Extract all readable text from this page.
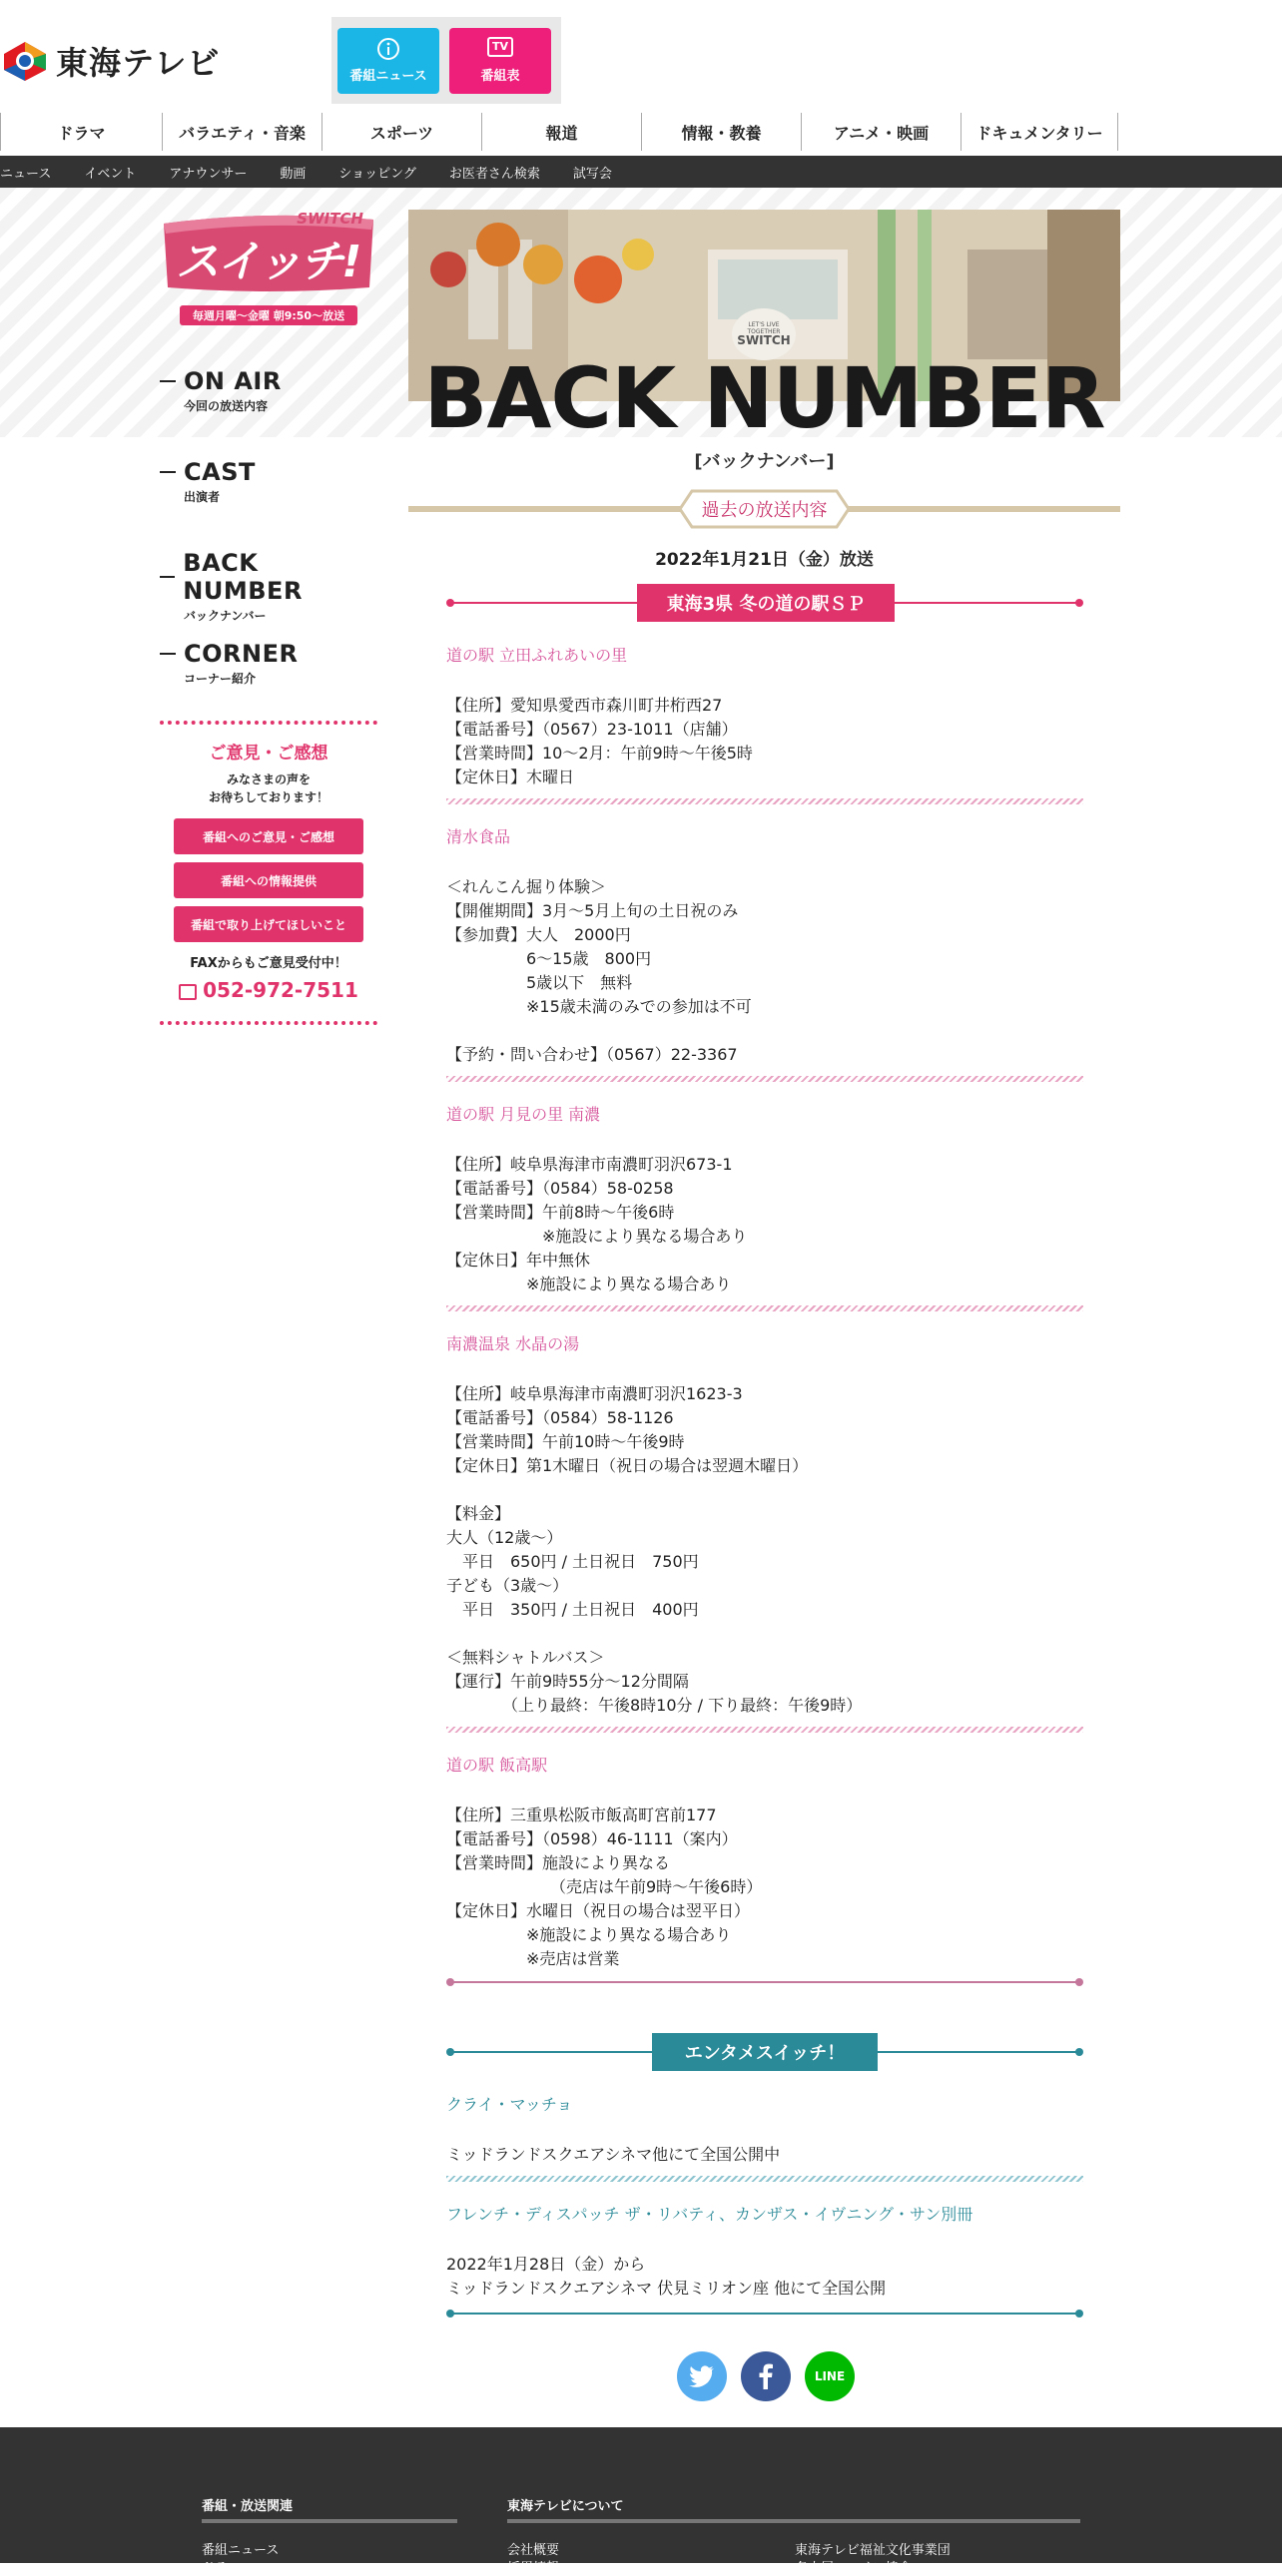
東海テレビ	番組ニュース
TV
番組表
ドラマ	バラエティ・音楽	スポーツ	報道	情報・教養	アニメ・映画	ドキュメンタリー
ニュース	イベント	アナウンサー	動画	ショッピング	お医者さん検索	試写会
SWITCH
スイッチ!
毎週月曜〜金曜 朝9:50〜放送
ON AIR
今回の放送内容
CAST
出演者
BACK NUMBER
バックナンバー
CORNER
コーナー紹介
ご意見・ご感想
みなさまの声を
お待ちしております！
番組へのご意見・ご感想
番組への情報提供
番組で取り上げてほしいこと
FAXからもご意見受付中！
052-972-7511
LET'S LIVE TOGETHER
SWITCH
BACK NUMBER
[バックナンバー]
過去の放送内容
2022年1月21日（金）放送
東海3県 冬の道の駅ＳＰ
道の駅 立田ふれあいの里
【住所】愛知県愛西市森川町井桁西27
【電話番号】（0567）23-1011（店舗）
【営業時間】10～2月：午前9時～午後5時
【定休日】木曜日
清水食品
＜れんこん掘り体験＞
【開催期間】3月～5月上旬の土日祝のみ
【参加費】大人　2000円
　　　　　6～15歳　800円
　　　　　5歳以下　無料
　　　　　※15歳未満のみでの参加は不可
【予約・問い合わせ】（0567）22-3367
道の駅 月見の里 南濃
【住所】岐阜県海津市南濃町羽沢673-1
【電話番号】（0584）58-0258
【営業時間】午前8時～午後6時
　　　　　　※施設により異なる場合あり
【定休日】年中無休
　　　　　※施設により異なる場合あり
南濃温泉 水晶の湯
【住所】岐阜県海津市南濃町羽沢1623-3
【電話番号】（0584）58-1126
【営業時間】午前10時～午後9時
【定休日】第1木曜日（祝日の場合は翌週木曜日）
【料金】
大人（12歳～）
　平日　650円 / 土日祝日　750円
子ども（3歳～）
　平日　350円 / 土日祝日　400円
＜無料シャトルバス＞
【運行】午前9時55分～12分間隔
　　　　（上り最終：午後8時10分 / 下り最終：午後9時）
道の駅 飯高駅
【住所】三重県松阪市飯高町宮前177
【電話番号】（0598）46-1111（案内）
【営業時間】施設により異なる
　　　　　　　（売店は午前9時～午後6時）
【定休日】水曜日（祝日の場合は翌平日）
　　　　　※施設により異なる場合あり
　　　　　※売店は営業
エンタメスイッチ！
クライ・マッチョ
ミッドランドスクエアシネマ他にて全国公開中
フレンチ・ディスパッチ ザ・リバティ、カンザス・イヴニング・サン別冊
2022年1月28日（金）から
ミッドランドスクエアシネマ 伏見ミリオン座 他にて全国公開
LINE
番組・放送関連	東海テレビについて
番組ニュース
ドラマ
会社概要
採用情報
東海テレビ福祉文化事業団
名古屋スペイン協会
